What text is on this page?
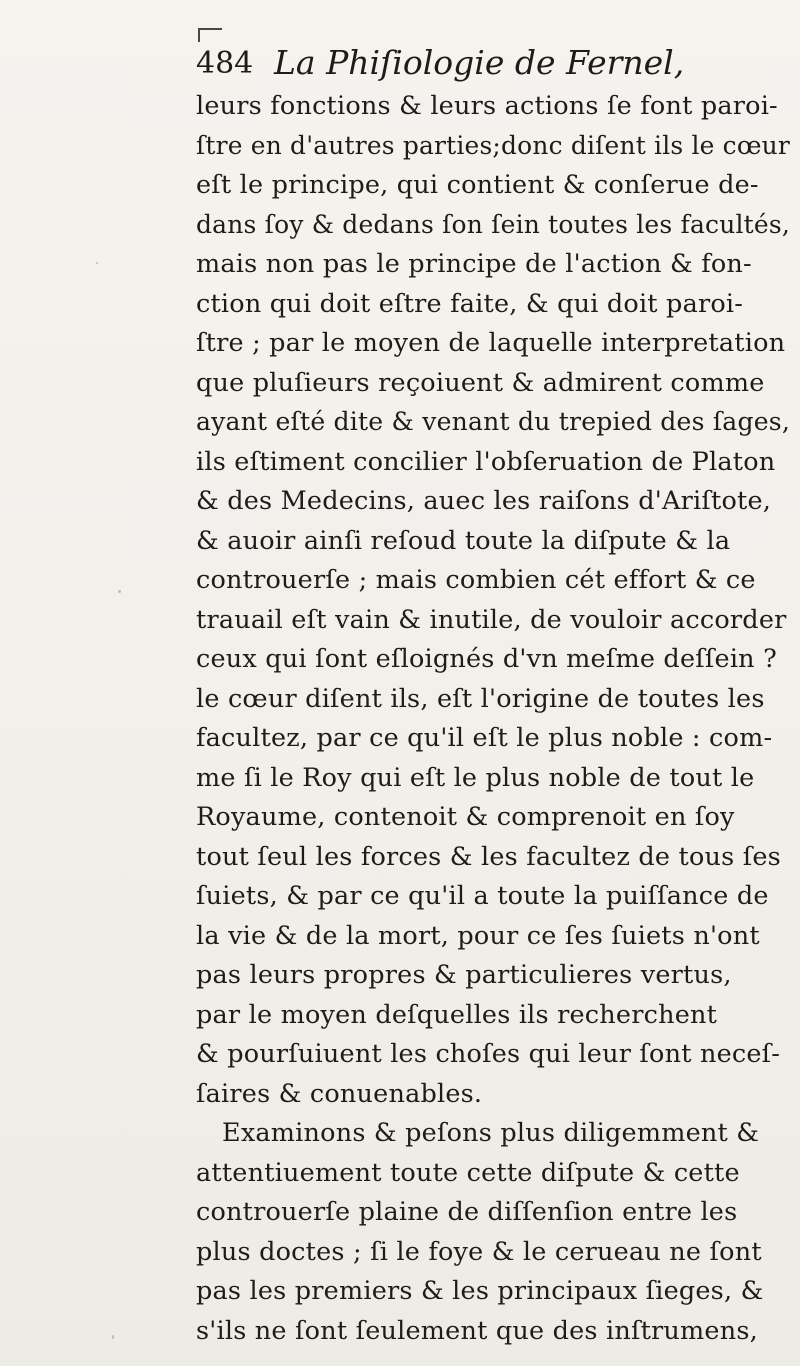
484 La Phiſiologie de Fernel,
leurs fonctions & leurs actions ſe font paroi-
ſtre en d'autres parties;donc diſent ils le cœur
eſt le principe, qui contient & conſerue de-
dans ſoy & dedans ſon ſein toutes les facultés,
mais non pas le principe de l'action & fon-
ction qui doit eſtre faite, & qui doit paroi-
ſtre ; par le moyen de laquelle interpretation
que pluſieurs reçoiuent & admirent comme
ayant eſté dite & venant du trepied des ſages,
ils eſtiment concilier l'obſeruation de Platon
& des Medecins, auec les raiſons d'Ariſtote,
& auoir ainſi reſoud toute la diſpute & la
controuerſe ; mais combien cét effort & ce
trauail eſt vain & inutile, de vouloir accorder
ceux qui ſont eſloignés d'vn meſme deſſein ?
le cœur diſent ils, eſt l'origine de toutes les
facultez, par ce qu'il eſt le plus noble : com-
me ſi le Roy qui eſt le plus noble de tout le
Royaume, contenoit & comprenoit en ſoy
tout ſeul les forces & les facultez de tous ſes
ſuiets, & par ce qu'il a toute la puiſſance de
la vie & de la mort, pour ce ſes ſuiets n'ont
pas leurs propres & particulieres vertus,
par le moyen deſquelles ils recherchent
& pourſuiuent les choſes qui leur ſont neceſ-
ſaires & conuenables.
Examinons & peſons plus diligemment &
attentiuement toute cette diſpute & cette
controuerſe plaine de diſſenſion entre les
plus doctes ; ſi le foye & le cerueau ne ſont
pas les premiers & les principaux ſieges, &
s'ils ne ſont ſeulement que des inſtrumens,
